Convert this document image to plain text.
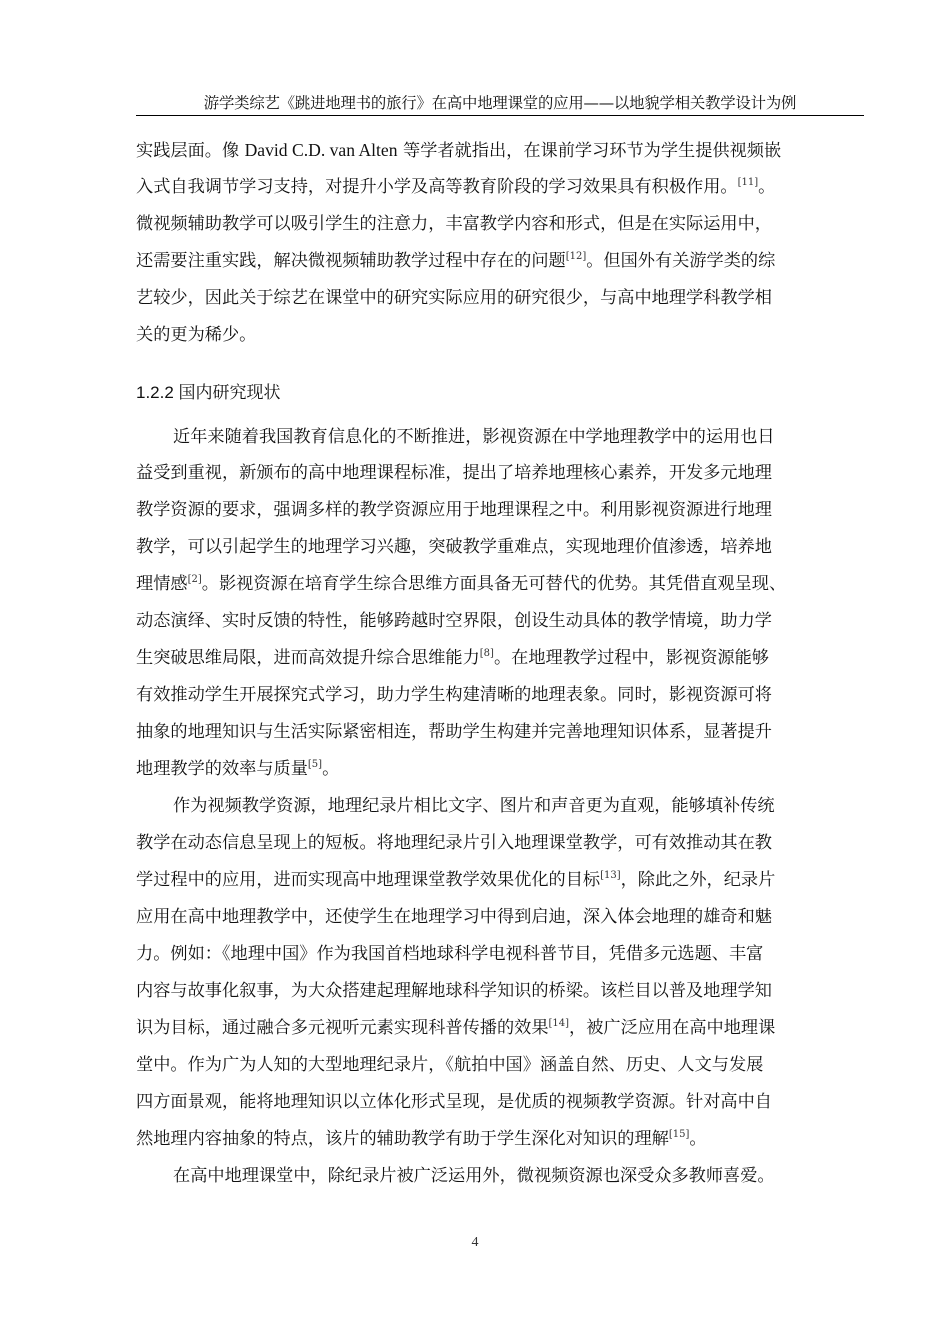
游学类综艺《跳进地理书的旅行》在高中地理课堂的应用——以地貌学相关教学设计为例
实践层面。像 David C.D. van Alten 等学者就指出，在课前学习环节为学生提供视频嵌
入式自我调节学习支持，对提升小学及高等教育阶段的学习效果具有积极作用。[11]。
微视频辅助教学可以吸引学生的注意力，丰富教学内容和形式，但是在实际运用中，
还需要注重实践，解决微视频辅助教学过程中存在的问题[12]。但国外有关游学类的综
艺较少，因此关于综艺在课堂中的研究实际应用的研究很少，与高中地理学科教学相
关的更为稀少。
1.2.2 国内研究现状
近年来随着我国教育信息化的不断推进，影视资源在中学地理教学中的运用也日
益受到重视，新颁布的高中地理课程标准，提出了培养地理核心素养，开发多元地理
教学资源的要求，强调多样的教学资源应用于地理课程之中。利用影视资源进行地理
教学，可以引起学生的地理学习兴趣，突破教学重难点，实现地理价值渗透，培养地
理情感[2]。影视资源在培育学生综合思维方面具备无可替代的优势。其凭借直观呈现、
动态演绎、实时反馈的特性，能够跨越时空界限，创设生动具体的教学情境，助力学
生突破思维局限，进而高效提升综合思维能力[8]。在地理教学过程中，影视资源能够
有效推动学生开展探究式学习，助力学生构建清晰的地理表象。同时，影视资源可将
抽象的地理知识与生活实际紧密相连，帮助学生构建并完善地理知识体系，显著提升
地理教学的效率与质量[5]。
作为视频教学资源，地理纪录片相比文字、图片和声音更为直观，能够填补传统
教学在动态信息呈现上的短板。将地理纪录片引入地理课堂教学，可有效推动其在教
学过程中的应用，进而实现高中地理课堂教学效果优化的目标[13]，除此之外，纪录片
应用在高中地理教学中，还使学生在地理学习中得到启迪，深入体会地理的雄奇和魅
力。例如：《地理中国》作为我国首档地球科学电视科普节目，凭借多元选题、丰富
内容与故事化叙事，为大众搭建起理解地球科学知识的桥梁。该栏目以普及地理学知
识为目标，通过融合多元视听元素实现科普传播的效果[14]，被广泛应用在高中地理课
堂中。作为广为人知的大型地理纪录片，《航拍中国》涵盖自然、历史、人文与发展
四方面景观，能将地理知识以立体化形式呈现，是优质的视频教学资源。针对高中自
然地理内容抽象的特点，该片的辅助教学有助于学生深化对知识的理解[15]。
在高中地理课堂中，除纪录片被广泛运用外，微视频资源也深受众多教师喜爱。
4
